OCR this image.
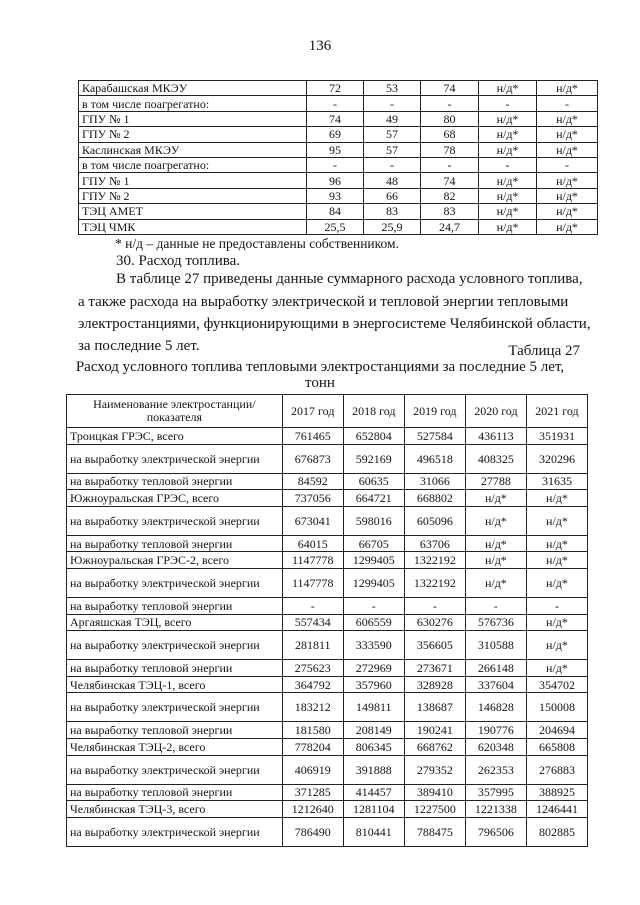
136
Карабашская МКЭУ	72	53	74	н/д*	н/д*
в том числе поагрегатно:	-	-	-	-	-
ГПУ № 1	74	49	80	н/д*	н/д*
ГПУ № 2	69	57	68	н/д*	н/д*
Каслинская МКЭУ	95	57	78	н/д*	н/д*
в том числе поагрегатно:	-	-	-	-	-
ГПУ № 1	96	48	74	н/д*	н/д*
ГПУ № 2	93	66	82	н/д*	н/д*
ТЭЦ АМЕТ	84	83	83	н/д*	н/д*
ТЭЦ ЧМК	25,5	25,9	24,7	н/д*	н/д*
* н/д – данные не предоставлены собственником.
30. Расход топлива.
В таблице 27 приведены данные суммарного расхода условного топлива,
а также расхода на выработку электрической и тепловой энергии тепловыми
электростанциями, функционирующими в энергосистеме Челябинской области,
за последние 5 лет.	Таблица 27
Расход условного топлива тепловыми электростанциями за последние 5 лет,
тонн
Наименование электростанции/ показателя	2017 год	2018 год	2019 год	2020 год	2021 год
Троицкая ГРЭС, всего	761465	652804	527584	436113	351931
на выработку электрической энергии	676873	592169	496518	408325	320296
на выработку тепловой энергии	84592	60635	31066	27788	31635
Южноуральская ГРЭС, всего	737056	664721	668802	н/д*	н/д*
на выработку электрической энергии	673041	598016	605096	н/д*	н/д*
на выработку тепловой энергии	64015	66705	63706	н/д*	н/д*
Южноуральская ГРЭС-2, всего	1147778	1299405	1322192	н/д*	н/д*
на выработку электрической энергии	1147778	1299405	1322192	н/д*	н/д*
на выработку тепловой энергии	-	-	-	-	-
Аргаяшская ТЭЦ, всего	557434	606559	630276	576736	н/д*
на выработку электрической энергии	281811	333590	356605	310588	н/д*
на выработку тепловой энергии	275623	272969	273671	266148	н/д*
Челябинская ТЭЦ-1, всего	364792	357960	328928	337604	354702
на выработку электрической энергии	183212	149811	138687	146828	150008
на выработку тепловой энергии	181580	208149	190241	190776	204694
Челябинская ТЭЦ-2, всего	778204	806345	668762	620348	665808
на выработку электрической энергии	406919	391888	279352	262353	276883
на выработку тепловой энергии	371285	414457	389410	357995	388925
Челябинская ТЭЦ-3, всего	1212640	1281104	1227500	1221338	1246441
на выработку электрической энергии	786490	810441	788475	796506	802885
